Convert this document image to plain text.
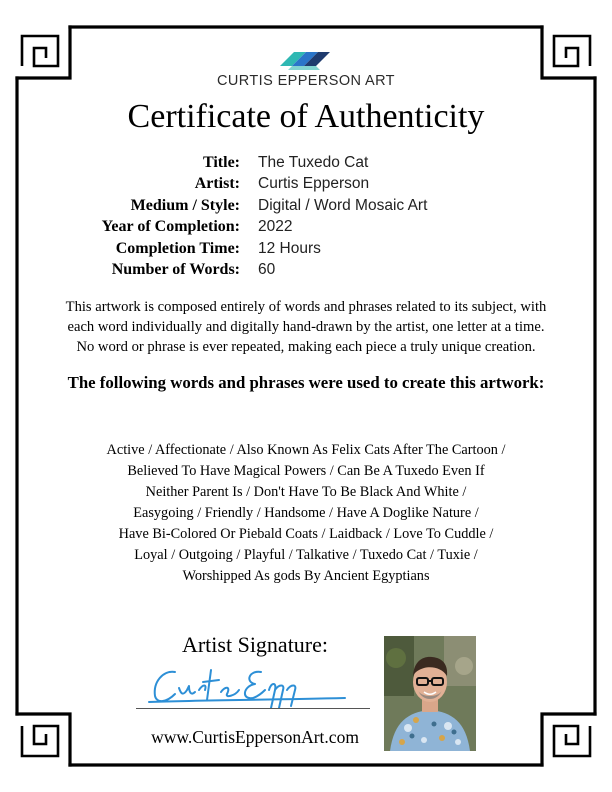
CURTIS EPPERSON ART
Certificate of Authenticity
Title: The Tuxedo Cat
Artist: Curtis Epperson
Medium / Style: Digital / Word Mosaic Art
Year of Completion: 2022
Completion Time: 12 Hours
Number of Words: 60
This artwork is composed entirely of words and phrases related to its subject, with
each word individually and digitally hand-drawn by the artist, one letter at a time.
No word or phrase is ever repeated, making each piece a truly unique creation.
The following words and phrases were used to create this artwork:
Active / Affectionate / Also Known As Felix Cats After The Cartoon /
Believed To Have Magical Powers / Can Be A Tuxedo Even If
Neither Parent Is / Don't Have To Be Black And White /
Easygoing / Friendly / Handsome / Have A Doglike Nature /
Have Bi-Colored Or Piebald Coats / Laidback / Love To Cuddle /
Loyal / Outgoing / Playful / Talkative / Tuxedo Cat / Tuxie /
Worshipped As gods By Ancient Egyptians
Artist Signature:
www.CurtisEppersonArt.com
